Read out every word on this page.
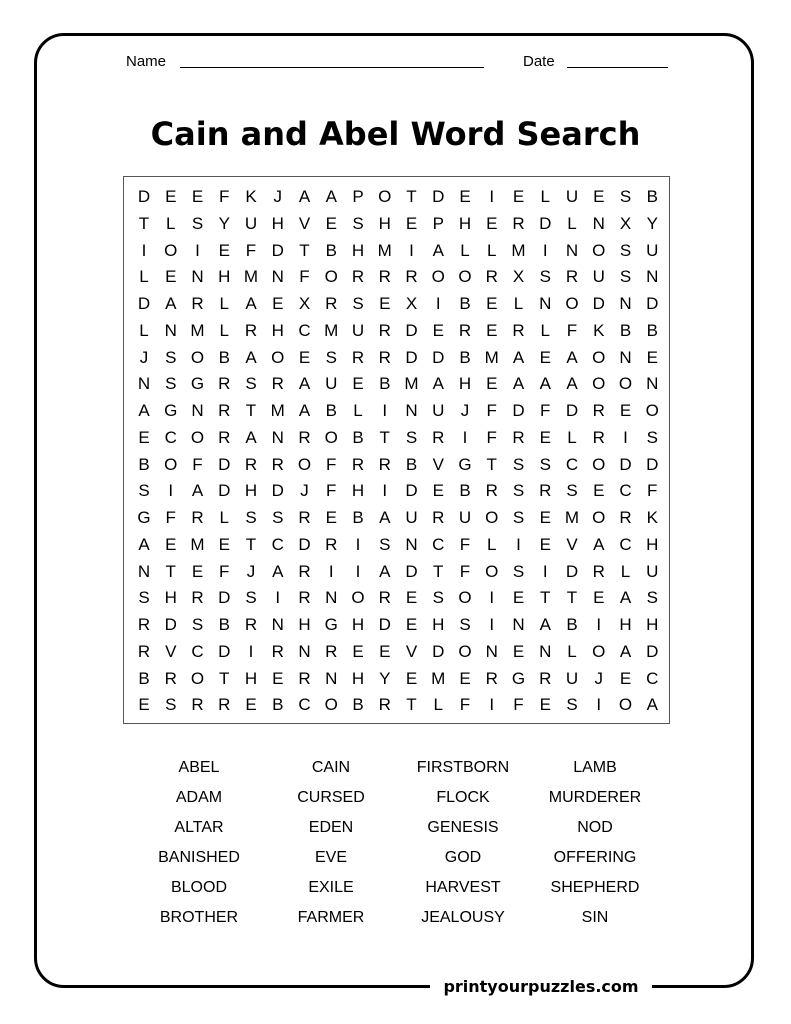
Name	Date
Cain and Abel Word Search
D E E F K J A A P O T D E	I	E L U E S B
T L S Y U H V E S H E P H E R D L N X Y
I	O	I	E F D T B H M	I	A L	L M	I	N O S U
L E N H M N F O R R R O O R X S R U S N
D A R L A E X R S E X	I	B E L N O D N D
L N M L R H C M U R D E R E R L F K B B
J S O B A O E S R R D D B M A E A O N E
N S G R S R A U E B M A H E A A A O O N
A G N R T M A B L	I	N U J	F D F D R E O
E C O R A N R O B T S R	I	F R E L R	I	S
B O F D R R O F R R B V G T S S C O D D
S	I	A D H D J	F H	I	D E B R S R S E C F
G F R L S S R E B A U R U O S E M O R K
A E M E T C D R	I	S N C F L	I	E V A C H
N T E F	J A R	I	I	A D T F O S	I	D R L U
S H R D S	I	R N O R E S O	I	E T T E A S
R D S B R N H G H D E H S	I	N A B	I	H H
R V C D	I	R N R E E V D O N E N L O A D
B R O T H E R N H Y E M E R G R U J E C
E S R R E B C O B R T L F	I	F E S	I	O A
ABEL	CAIN	FIRSTBORN	LAMB
ADAM	CURSED	FLOCK	MURDERER
ALTAR	EDEN	GENESIS	NOD
BANISHED	EVE	GOD	OFFERING
BLOOD	EXILE	HARVEST	SHEPHERD
BROTHER	FARMER	JEALOUSY	SIN
printyourpuzzles.com
